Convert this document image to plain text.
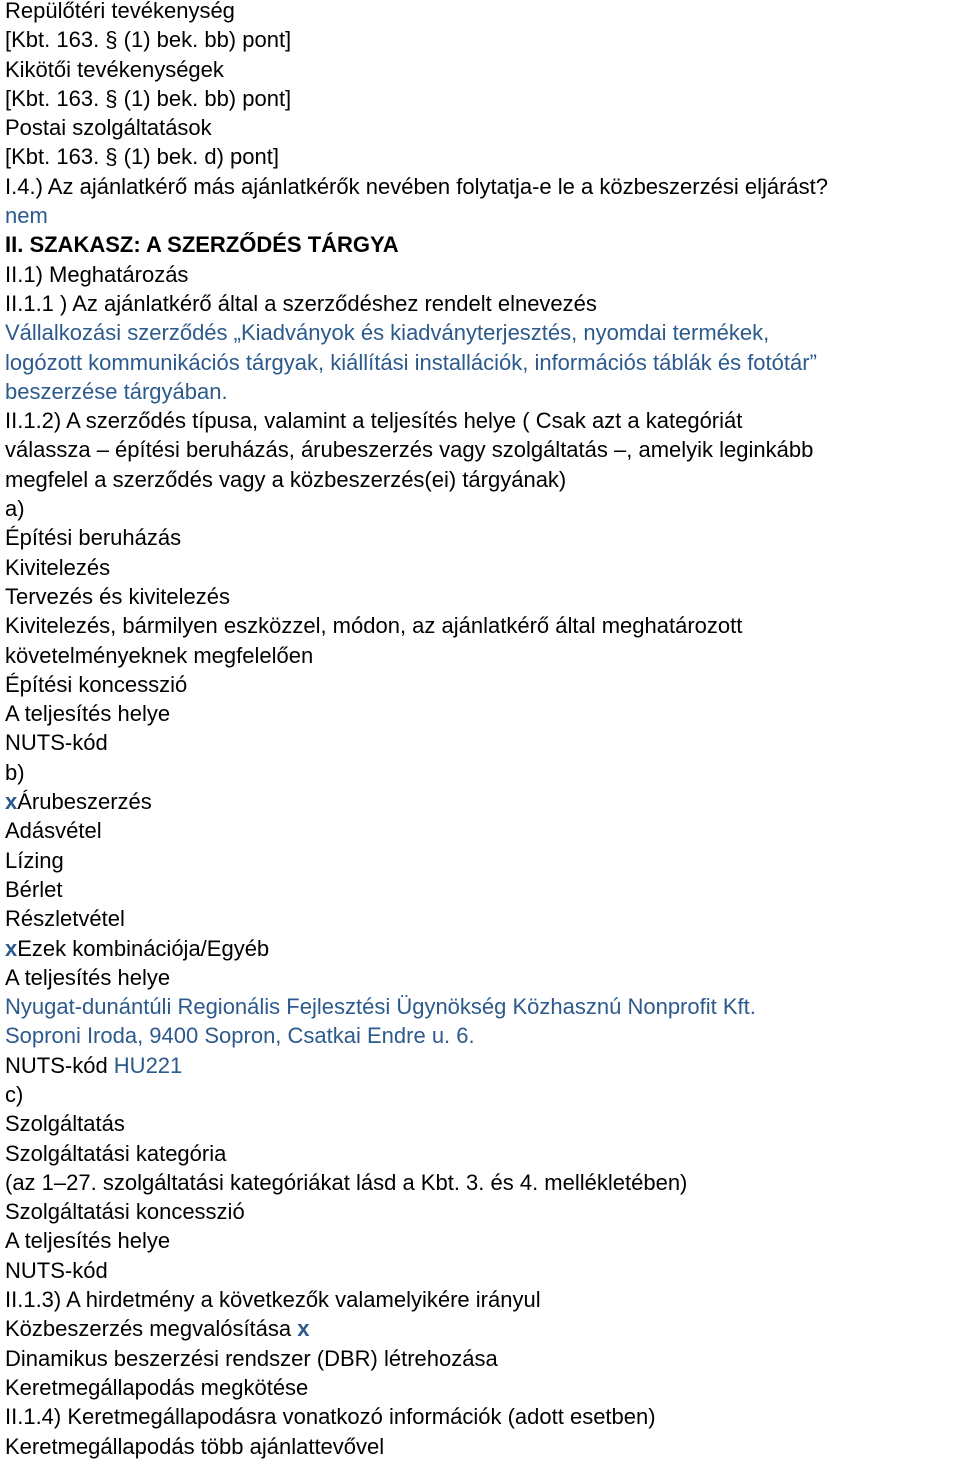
Repülőtéri tevékenység

[Kbt. 163. § (1) bek. bb) pont]

Kikötői tevékenységek

[Kbt. 163. § (1) bek. bb) pont]

Postai szolgáltatások

[Kbt. 163. § (1) bek. d) pont]

I.4.) Az ajánlatkérő más ajánlatkérők nevében folytatja-e le a közbeszerzési eljárást?

nem

II. SZAKASZ: A SZERZŐDÉS TÁRGYA

II.1) Meghatározás

II.1.1 ) Az ajánlatkérő által a szerződéshez rendelt elnevezés

Vállalkozási szerződés „Kiadványok és kiadványterjesztés, nyomdai termékek,

logózott kommunikációs tárgyak, kiállítási installációk, információs táblák és fotótár”

beszerzése tárgyában.

II.1.2) A szerződés típusa, valamint a teljesítés helye ( Csak azt a kategóriát

válassza – építési beruházás, árubeszerzés vagy szolgáltatás –, amelyik leginkább

megfelel a szerződés vagy a közbeszerzés(ei) tárgyának)

a)

Építési beruházás

Kivitelezés

Tervezés és kivitelezés

Kivitelezés, bármilyen eszközzel, módon, az ajánlatkérő által meghatározott

követelményeknek megfelelően

Építési koncesszió

A teljesítés helye

NUTS-kód

b)

xÁrubeszerzés

Adásvétel

Lízing

Bérlet

Részletvétel

xEzek kombinációja/Egyéb

A teljesítés helye

Nyugat-dunántúli Regionális Fejlesztési Ügynökség Közhasznú Nonprofit Kft.

Soproni Iroda, 9400 Sopron, Csatkai Endre u. 6.

NUTS-kód HU221

c)

Szolgáltatás

Szolgáltatási kategória

(az 1–27. szolgáltatási kategóriákat lásd a Kbt. 3. és 4. mellékletében)

Szolgáltatási koncesszió

A teljesítés helye

NUTS-kód

II.1.3) A hirdetmény a következők valamelyikére irányul

Közbeszerzés megvalósítása x

Dinamikus beszerzési rendszer (DBR) létrehozása

Keretmegállapodás megkötése

II.1.4) Keretmegállapodásra vonatkozó információk (adott esetben)

Keretmegállapodás több ajánlattevővel
